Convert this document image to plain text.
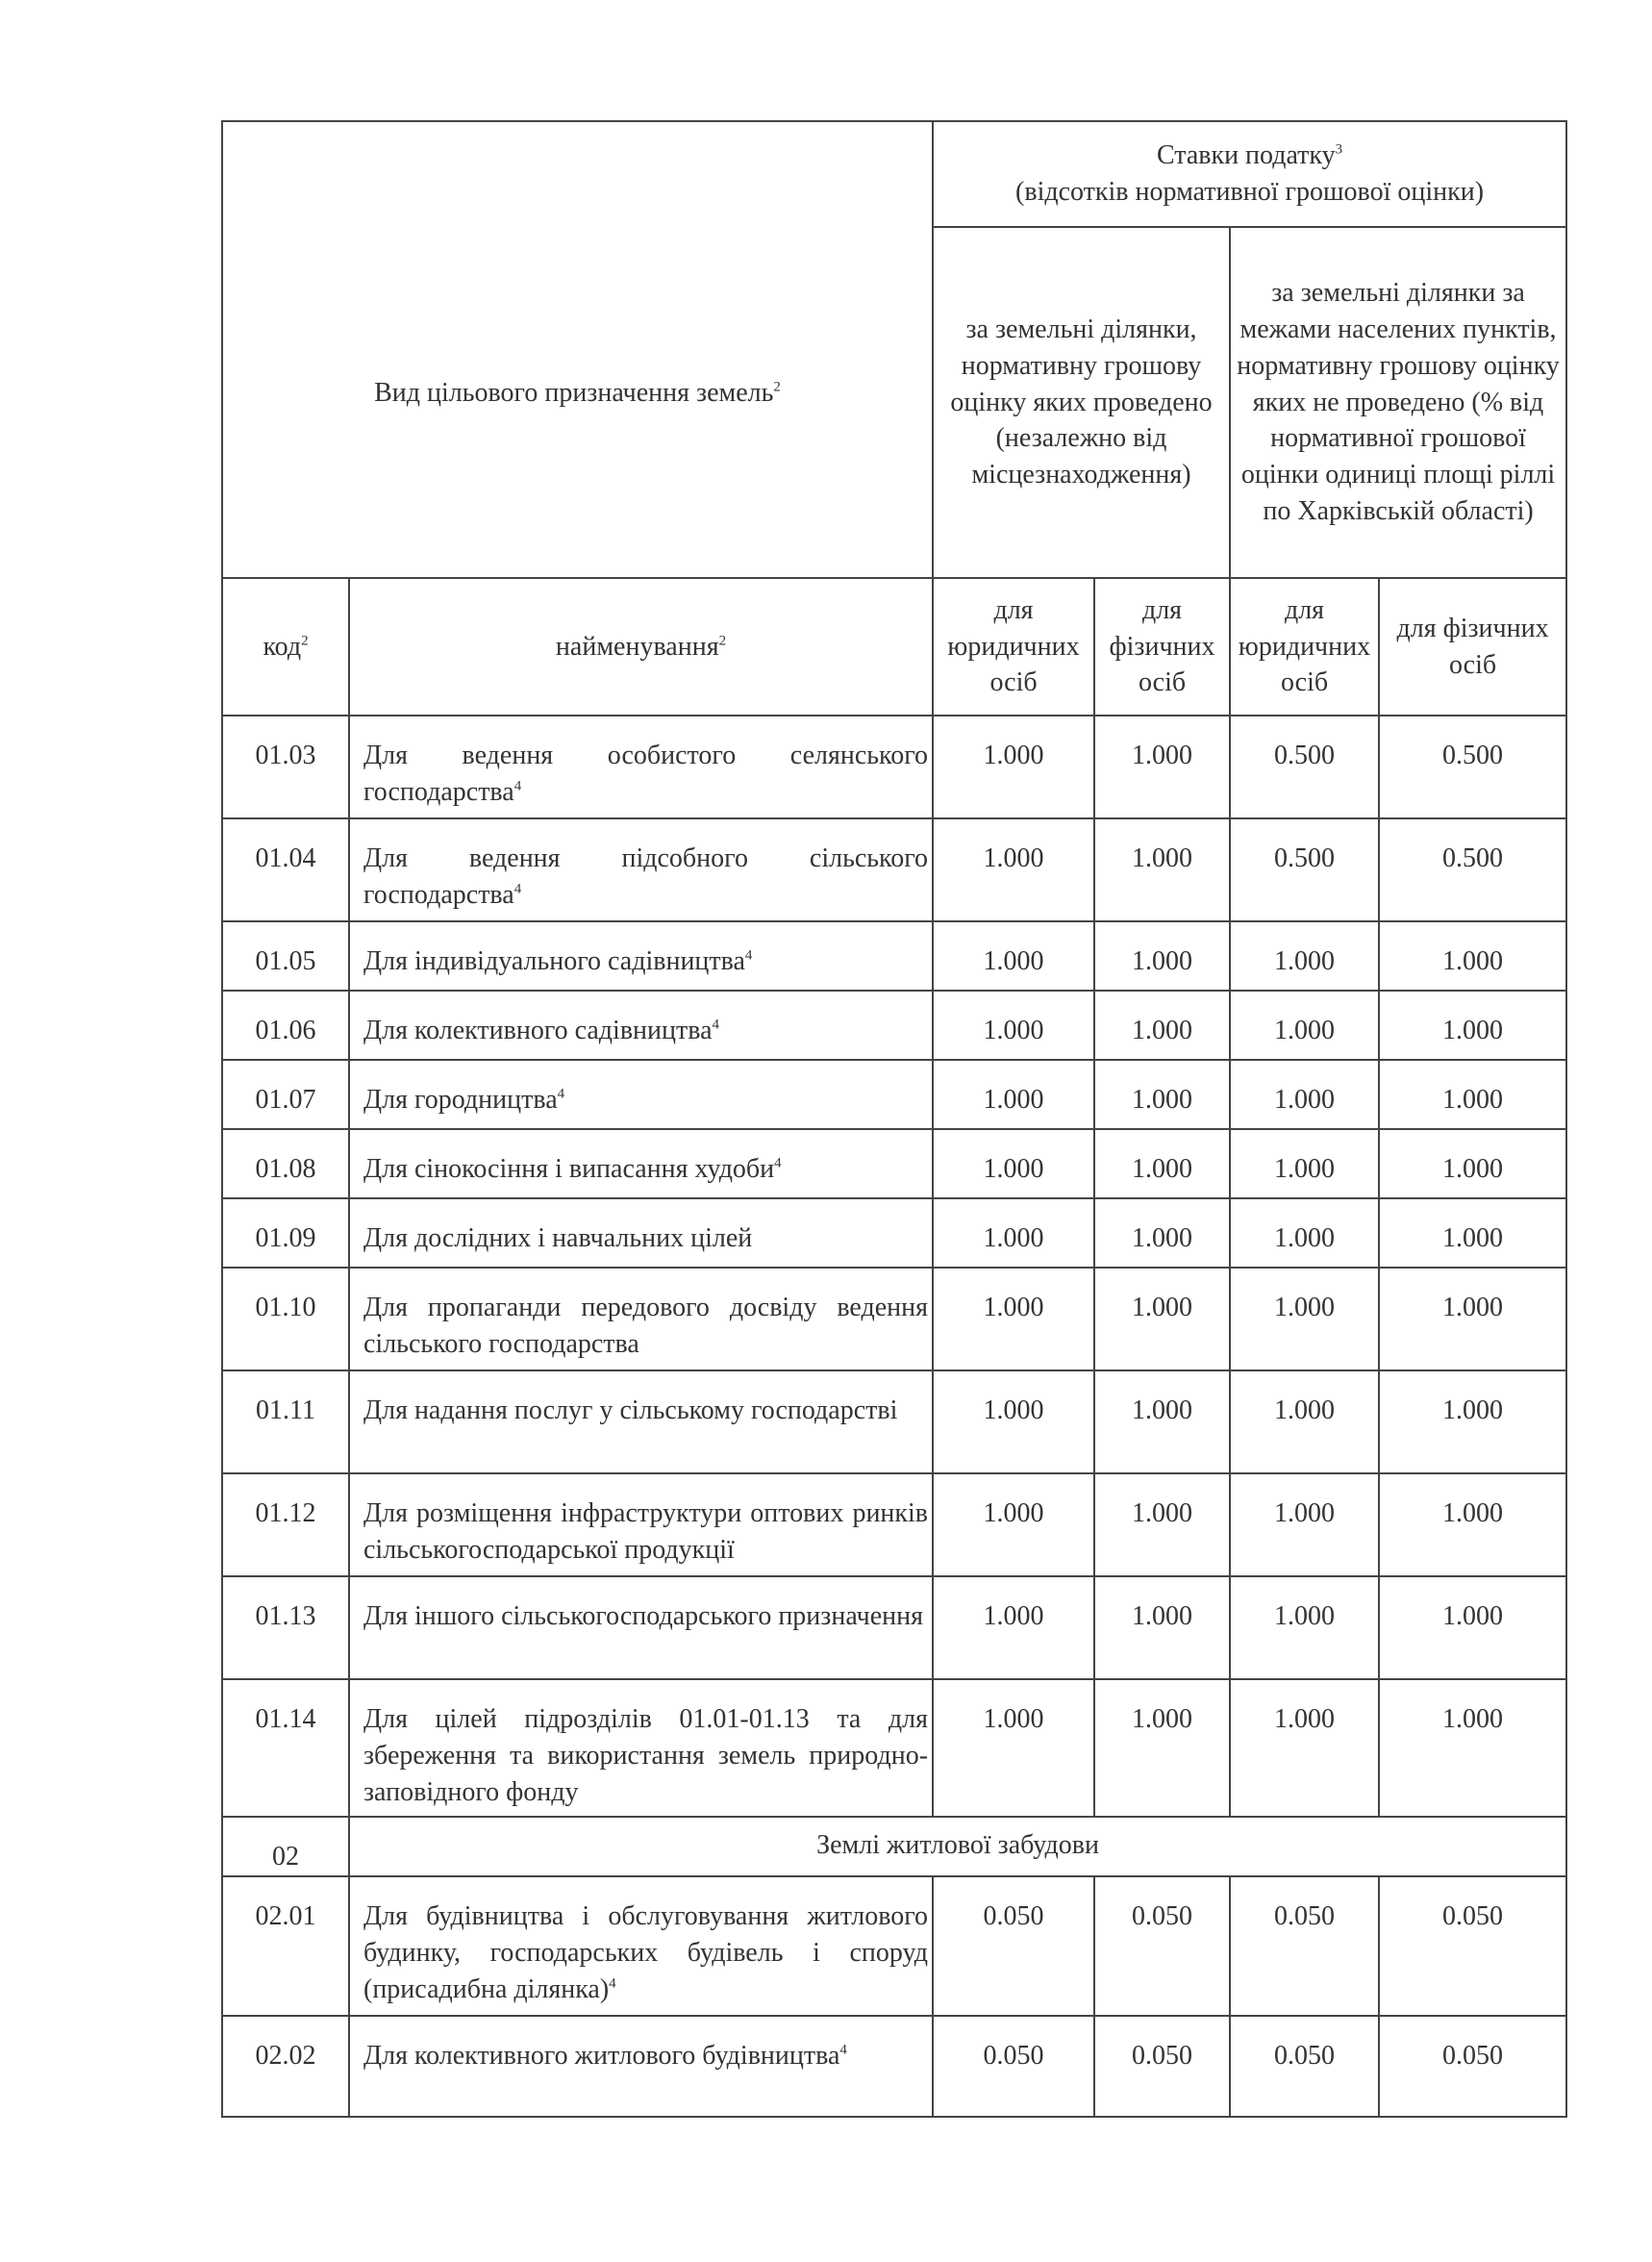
Вид цільового призначення земель$^2$		Ставки податку$^3$
(відсотків нормативної грошової оцінки)			
		за земельні ділянки, нормативну грошову оцінку яких проведено (незалежно від місцезнаходження)		за земельні ділянки за межами населених пунктів, нормативну грошову оцінку яких не проведено (% від нормативної грошової оцінки одиниці площі ріллі по Харківській області)	
код$^2$	найменування$^2$	для юридичних осіб	для фізичних осіб	для юридичних осіб	для фізичних осіб
01.03	Для ведення особистого селянського господарства$^4$	1.000	1.000	0.500	0.500
01.04	Для ведення підсобного сільського господарства$^4$	1.000	1.000	0.500	0.500
01.05	Для індивідуального садівництва$^4$	1.000	1.000	1.000	1.000
01.06	Для колективного садівництва$^4$	1.000	1.000	1.000	1.000
01.07	Для городництва$^4$	1.000	1.000	1.000	1.000
01.08	Для сінокосіння і випасання худоби$^4$	1.000	1.000	1.000	1.000
01.09	Для дослідних і навчальних цілей	1.000	1.000	1.000	1.000
01.10	Для пропаганди передового досвіду ведення сільського господарства	1.000	1.000	1.000	1.000
01.11	Для надання послуг у сільському господарстві	1.000	1.000	1.000	1.000
01.12	Для розміщення інфраструктури оптових ринків сільськогосподарської продукції	1.000	1.000	1.000	1.000
01.13	Для іншого сільськогосподарського призначення	1.000	1.000	1.000	1.000
01.14	Для цілей підрозділів 01.01-01.13 та для збереження та використання земель природно-заповідного фонду	1.000	1.000	1.000	1.000
02	Землі житлової забудови				
02.01	Для будівництва і обслуговування житлового будинку, господарських будівель і споруд (присадибна ділянка)$^4$	0.050	0.050	0.050	0.050
02.02	Для колективного житлового будівництва$^4$	0.050	0.050	0.050	0.050
